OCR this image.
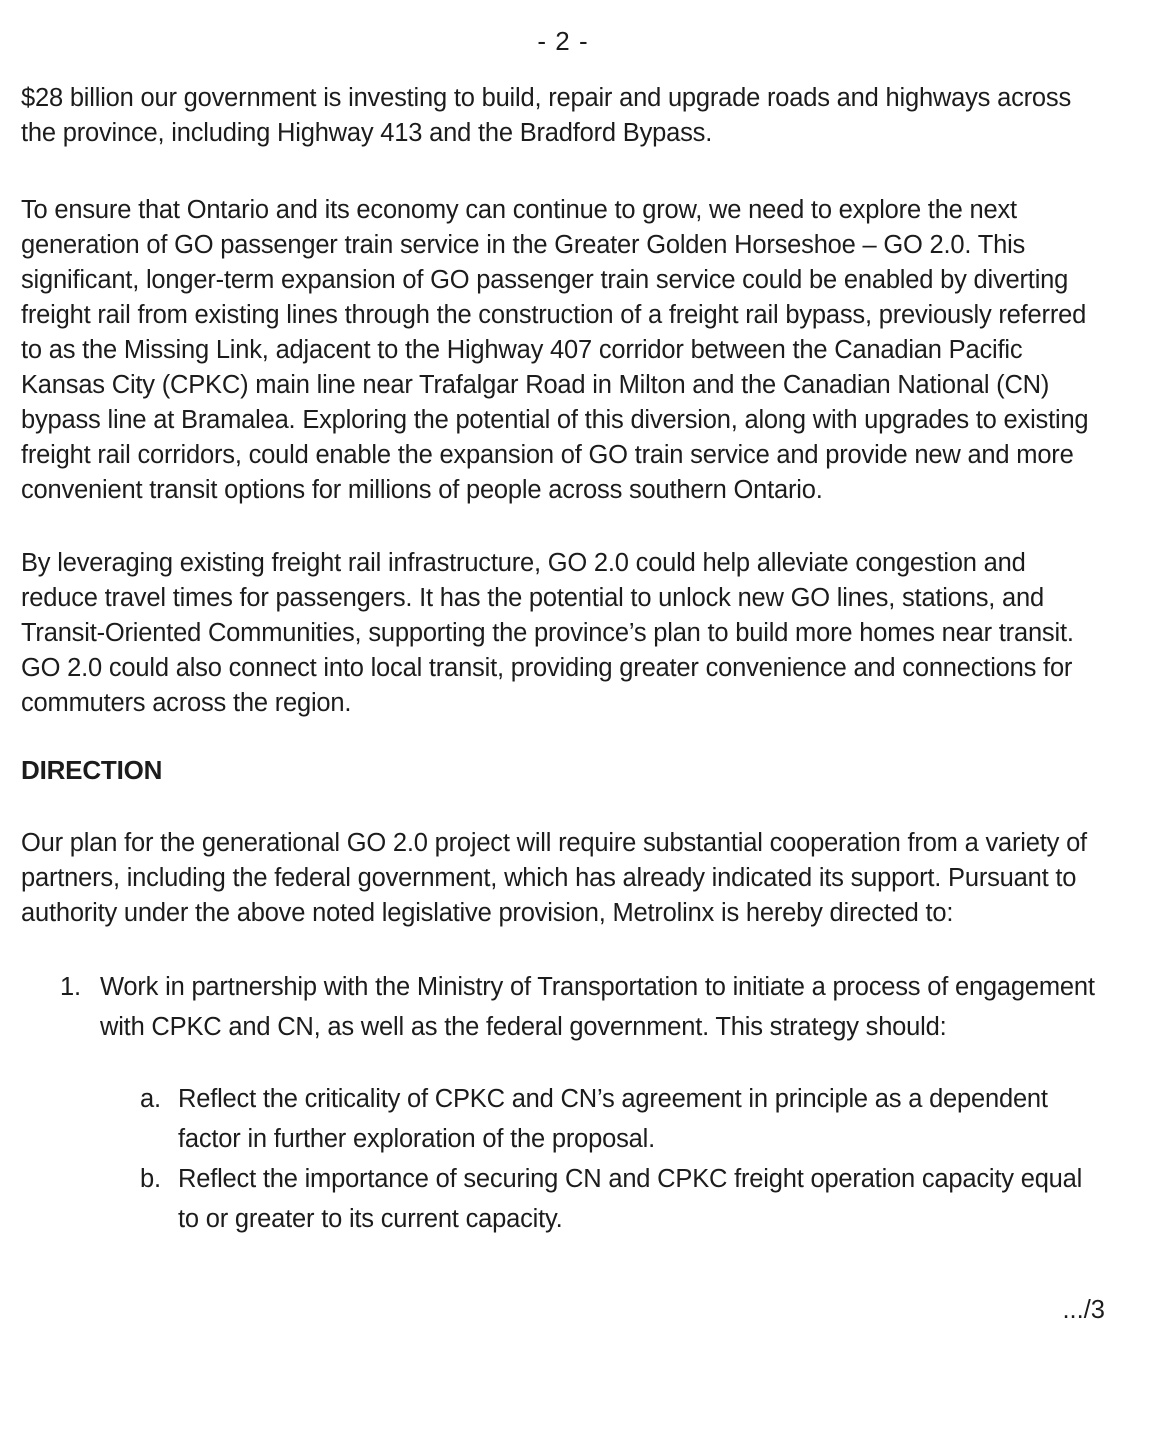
- 2 -
$28 billion our government is investing to build, repair and upgrade roads and highways across the province, including Highway 413 and the Bradford Bypass.
To ensure that Ontario and its economy can continue to grow, we need to explore the next generation of GO passenger train service in the Greater Golden Horseshoe – GO 2.0. This significant, longer-term expansion of GO passenger train service could be enabled by diverting freight rail from existing lines through the construction of a freight rail bypass, previously referred to as the Missing Link, adjacent to the Highway 407 corridor between the Canadian Pacific Kansas City (CPKC) main line near Trafalgar Road in Milton and the Canadian National (CN) bypass line at Bramalea. Exploring the potential of this diversion, along with upgrades to existing freight rail corridors, could enable the expansion of GO train service and provide new and more convenient transit options for millions of people across southern Ontario.
By leveraging existing freight rail infrastructure, GO 2.0 could help alleviate congestion and reduce travel times for passengers. It has the potential to unlock new GO lines, stations, and Transit-Oriented Communities, supporting the province’s plan to build more homes near transit. GO 2.0 could also connect into local transit, providing greater convenience and connections for commuters across the region.
DIRECTION
Our plan for the generational GO 2.0 project will require substantial cooperation from a variety of partners, including the federal government, which has already indicated its support. Pursuant to authority under the above noted legislative provision, Metrolinx is hereby directed to:
1. Work in partnership with the Ministry of Transportation to initiate a process of engagement with CPKC and CN, as well as the federal government. This strategy should:
a. Reflect the criticality of CPKC and CN’s agreement in principle as a dependent factor in further exploration of the proposal.
b. Reflect the importance of securing CN and CPKC freight operation capacity equal to or greater to its current capacity.
.../3
